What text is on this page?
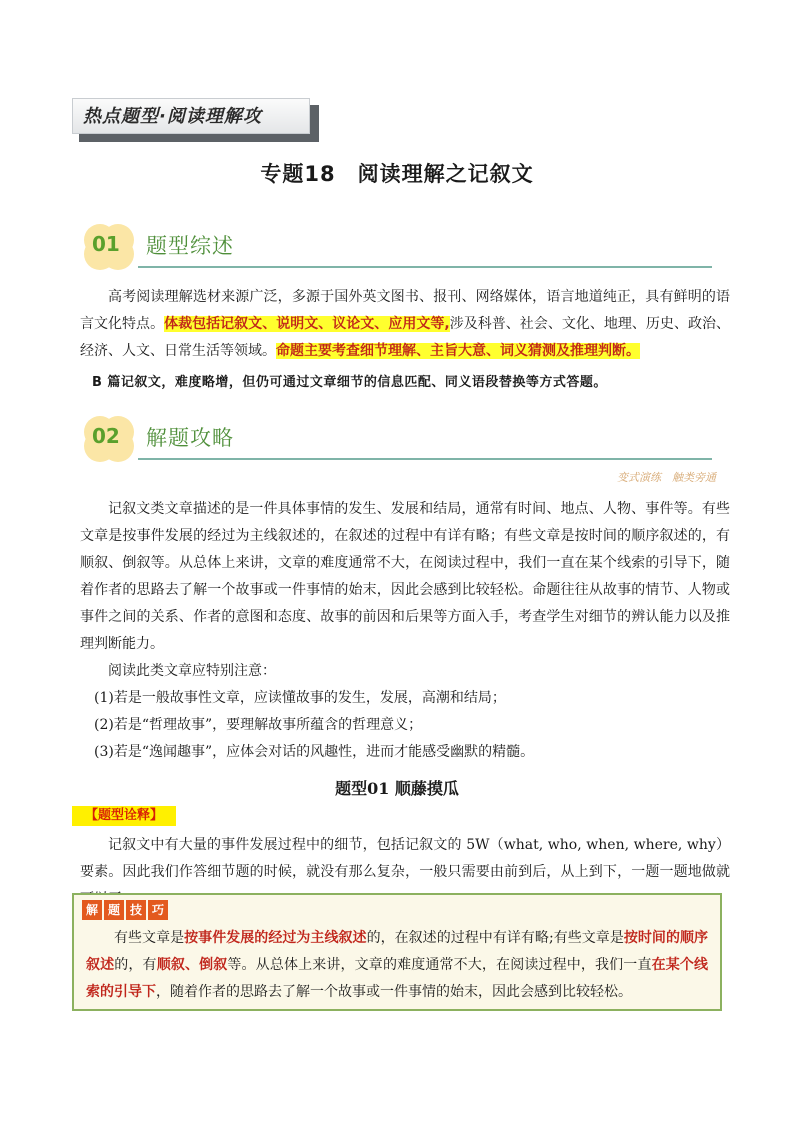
热点题型·阅读理解攻
专题18　阅读理解之记叙文
01 题型综述
高考阅读理解选材来源广泛，多源于国外英文图书、报刊、网络媒体，语言地道纯正，具有鲜明的语言文化特点。体裁包括记叙文、说明文、议论文、应用文等,涉及科普、社会、文化、地理、历史、政治、经济、人文、日常生活等领域。命题主要考查细节理解、主旨大意、词义猜测及推理判断。
B 篇记叙文，难度略增，但仍可通过文章细节的信息匹配、同义语段替换等方式答题。
02 解题攻略
变式演练　触类旁通
记叙文类文章描述的是一件具体事情的发生、发展和结局，通常有时间、地点、人物、事件等。有些文章是按事件发展的经过为主线叙述的，在叙述的过程中有详有略；有些文章是按时间的顺序叙述的，有顺叙、倒叙等。从总体上来讲，文章的难度通常不大，在阅读过程中，我们一直在某个线索的引导下，随着作者的思路去了解一个故事或一件事情的始末，因此会感到比较轻松。命题往往从故事的情节、人物或事件之间的关系、作者的意图和态度、故事的前因和后果等方面入手，考查学生对细节的辨认能力以及推理判断能力。
阅读此类文章应特别注意：
(1)若是一般故事性文章，应读懂故事的发生，发展，高潮和结局；
(2)若是“哲理故事”，要理解故事所蕴含的哲理意义；
(3)若是“逸闻趣事”，应体会对话的风趣性，进而才能感受幽默的精髓。
题型01 顺藤摸瓜
【题型诠释】
记叙文中有大量的事件发展过程中的细节，包括记叙文的 5W（what, who, when, where, why）要素。因此我们作答细节题的时候，就没有那么复杂，一般只需要由前到后，从上到下，一题一题地做就
解 题 技 巧
有些文章是按事件发展的经过为主线叙述的，在叙述的过程中有详有略;有些文章是按时间的顺序叙述的，有顺叙、倒叙等。从总体上来讲，文章的难度通常不大，在阅读过程中，我们一直在某个线索的引导下，随着作者的思路去了解一个故事或一件事情的始末，因此会感到比较轻松。
